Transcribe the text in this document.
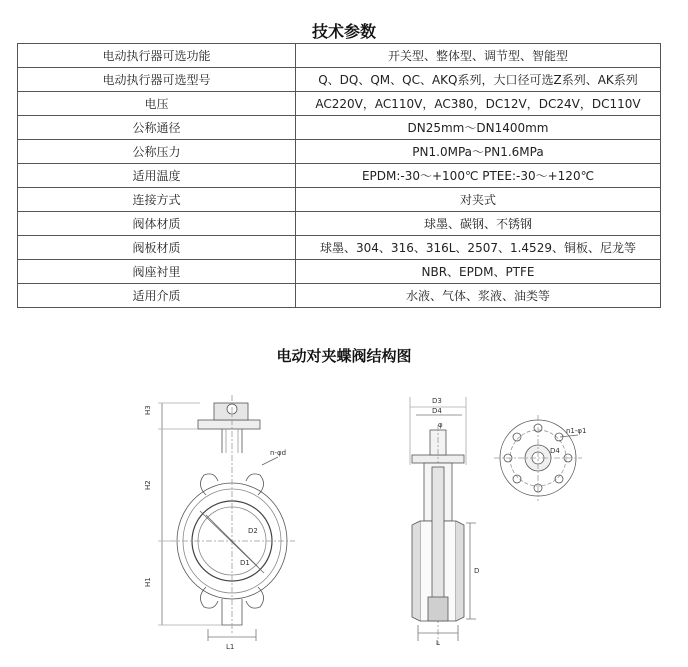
技术参数
电动执行器可选功能	开关型、整体型、调节型、智能型
电动执行器可选型号	Q、DQ、QM、QC、AKQ系列，大口径可选Z系列、AK系列
电压	AC220V，AC110V，AC380，DC12V，DC24V，DC110V
公称通径	DN25mm～DN1400mm
公称压力	PN1.0MPa～PN1.6MPa
适用温度	EPDM:-30～+100℃ PTEE:-30～+120℃
连接方式	对夹式
阀体材质	球墨、碳钢、不锈钢
阀板材质	球墨、304、316、316L、2507、1.4529、铜板、尼龙等
阀座衬里	NBR、EPDM、PTFE
适用介质	水液、气体、浆液、油类等
电动对夹蝶阀结构图
H3
H2
H1
L1
D2
D1
n-φd
D3
D4
φ
D
L
n1-φ1
D4
